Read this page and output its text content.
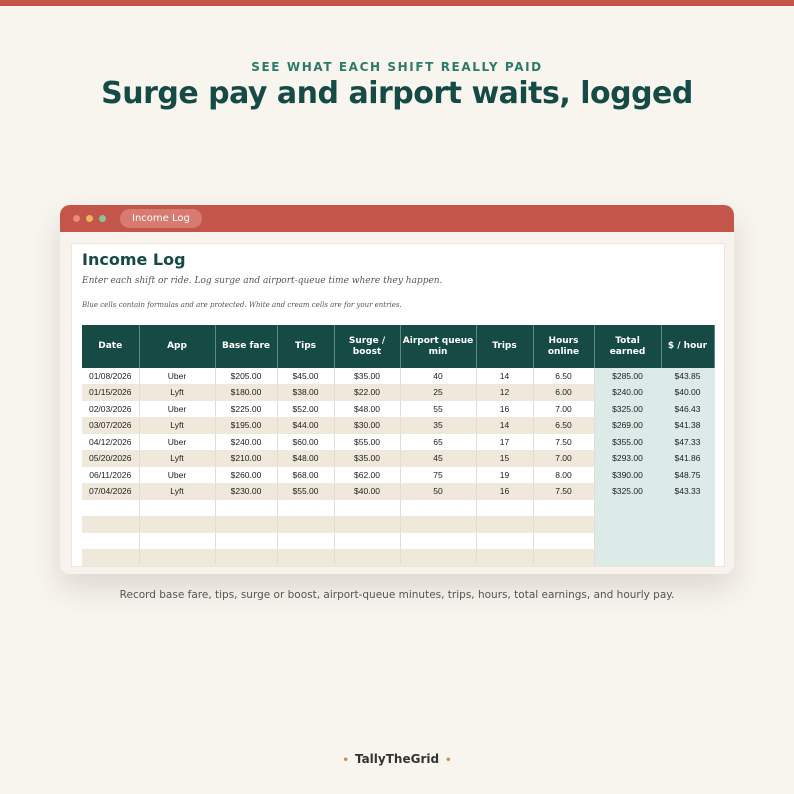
SEE WHAT EACH SHIFT REALLY PAID
Surge pay and airport waits, logged
Income Log
Income Log
Enter each shift or ride. Log surge and airport-queue time where they happen.
Blue cells contain formulas and are protected. White and cream cells are for your entries.
Date	App	Base fare	Tips	Surge / boost	Airport queue min	Trips	Hours online	Total earned	$ / hour
01/08/2026	Uber	$205.00	$45.00	$35.00	40	14	6.50	$285.00	$43.85
01/15/2026	Lyft	$180.00	$38.00	$22.00	25	12	6.00	$240.00	$40.00
02/03/2026	Uber	$225.00	$52.00	$48.00	55	16	7.00	$325.00	$46.43
03/07/2026	Lyft	$195.00	$44.00	$30.00	35	14	6.50	$269.00	$41.38
04/12/2026	Uber	$240.00	$60.00	$55.00	65	17	7.50	$355.00	$47.33
05/20/2026	Lyft	$210.00	$48.00	$35.00	45	15	7.00	$293.00	$41.86
06/11/2026	Uber	$260.00	$68.00	$62.00	75	19	8.00	$390.00	$48.75
07/04/2026	Lyft	$230.00	$55.00	$40.00	50	16	7.50	$325.00	$43.33

Record base fare, tips, surge or boost, airport-queue minutes, trips, hours, total earnings, and hourly pay.
• TallyTheGrid •
